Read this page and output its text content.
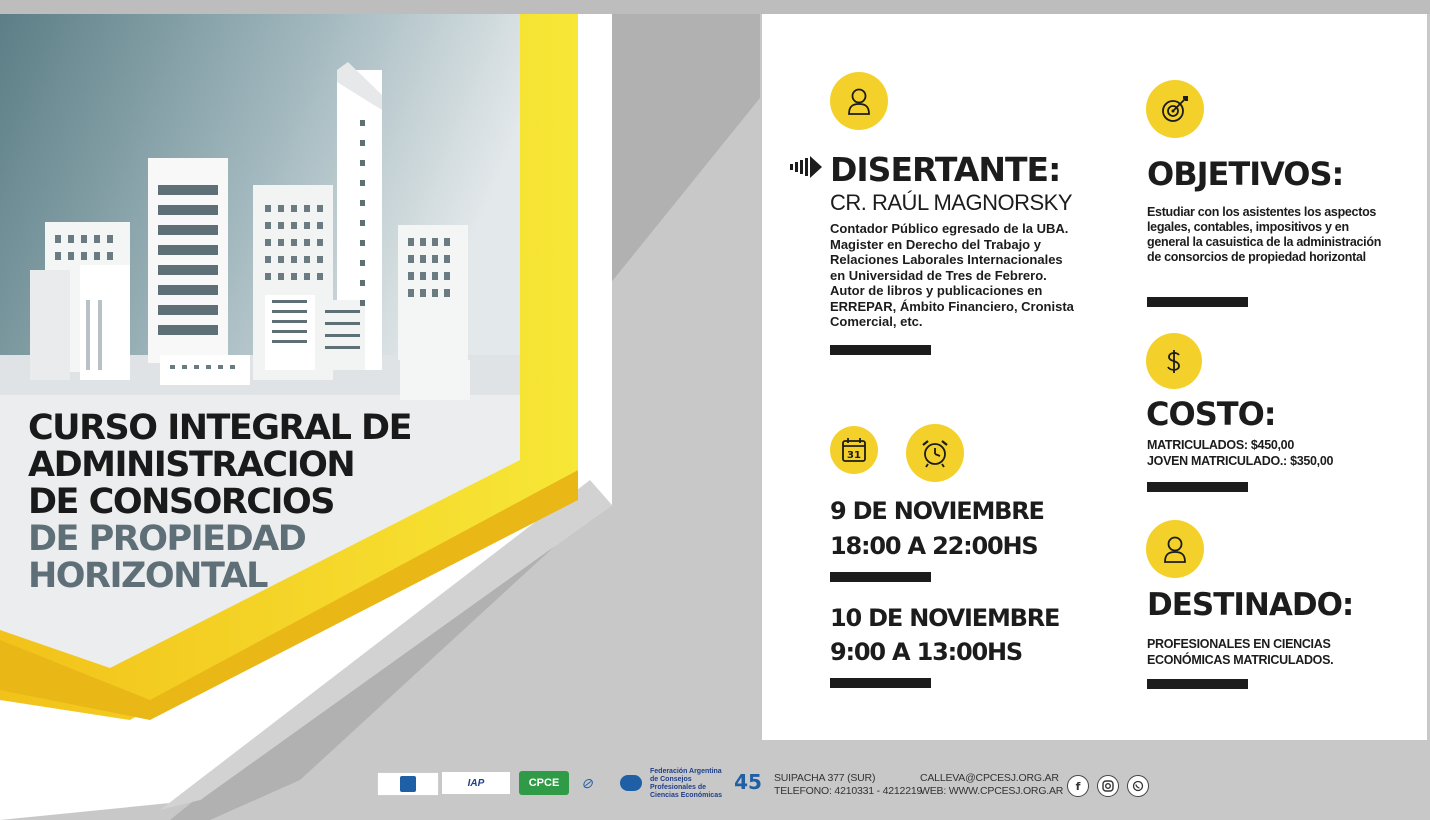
CURSO INTEGRAL DE
ADMINISTRACION
DE CONSORCIOS
DE PROPIEDAD
HORIZONTAL
DISERTANTE:
CR. RAÚL MAGNORSKY
Contador Público egresado de la UBA. Magister en Derecho del Trabajo y Relaciones Laborales Internacionales en Universidad de Tres de Febrero. Autor de libros y publicaciones en ERREPAR, Ámbito Financiero, Cronista Comercial, etc.
31
9 DE NOVIEMBRE
18:00 A 22:00HS
10 DE NOVIEMBRE
9:00 A 13:00HS
OBJETIVOS:
Estudiar con los asistentes los aspectos legales, contables, impositivos y en general la casuistica de la administración de consorcios de propiedad horizontal
COSTO:
MATRICULADOS: $450,00
JOVEN MATRICULADO.: $350,00
DESTINADO:
PROFESIONALES EN CIENCIAS
ECONÓMICAS MATRICULADOS.
IAP	CPCE ⊘
Federación Argentina de Consejos Profesionales de Ciencias Económicas
45 SUIPACHA 377 (SUR)
TELEFONO: 4210331 - 4212219
CALLEVA@CPCESJ.ORG.AR
WEB: WWW.CPCESJ.ORG.AR	f
